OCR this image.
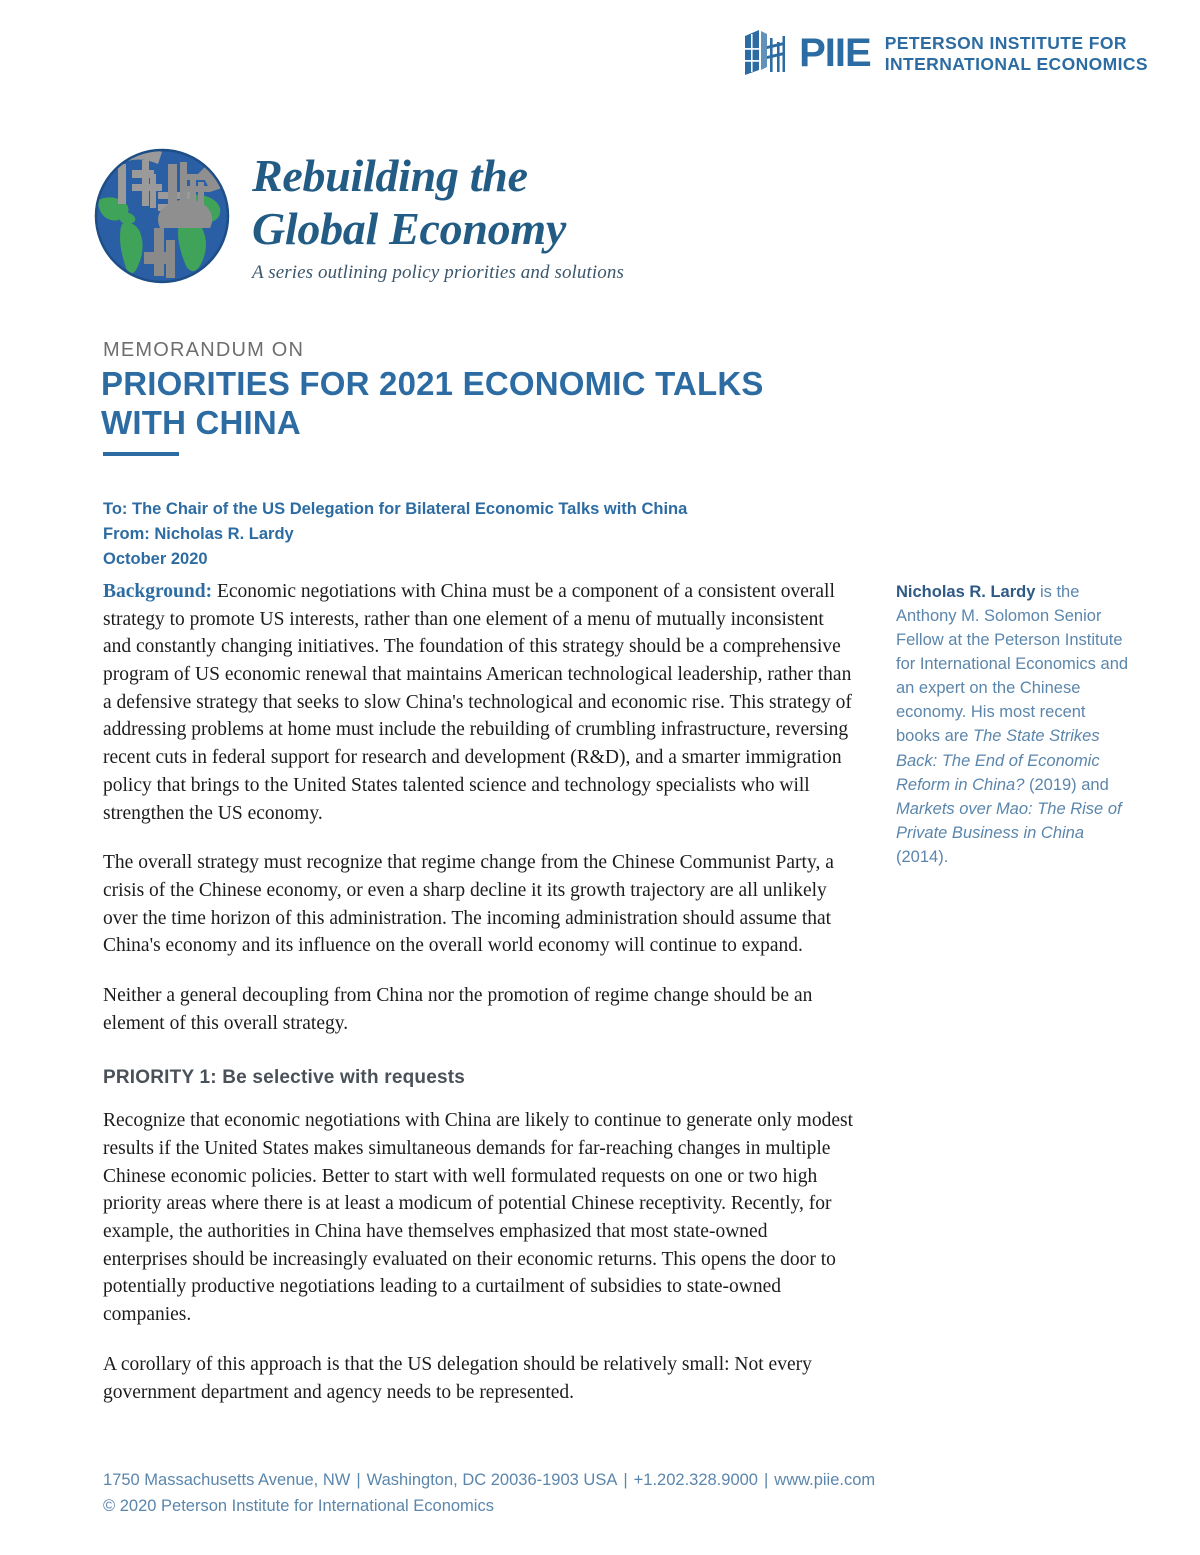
PIIE PETERSON INSTITUTE FOR
INTERNATIONAL ECONOMICS
Rebuilding the
Global Economy
A series outlining policy priorities and solutions
MEMORANDUM ON
PRIORITIES FOR 2021 ECONOMIC TALKS
WITH CHINA
To: The Chair of the US Delegation for Bilateral Economic Talks with China
From: Nicholas R. Lardy
October 2020

Background: Economic negotiations with China must be a component of a consistent overall strategy to promote US interests, rather than one element of a menu of mutually inconsistent and constantly changing initiatives. The foundation of this strategy should be a comprehensive program of US economic renewal that maintains American technological leadership, rather than a defensive strategy that seeks to slow China's technological and economic rise. This strategy of addressing problems at home must include the rebuilding of crumbling infrastructure, reversing recent cuts in federal support for research and development (R&D), and a smarter immigration policy that brings to the United States talented science and technology specialists who will strengthen the US economy.

The overall strategy must recognize that regime change from the Chinese Communist Party, a crisis of the Chinese economy, or even a sharp decline it its growth trajectory are all unlikely over the time horizon of this administration. The incoming administration should assume that China's economy and its influence on the overall world economy will continue to expand.

Neither a general decoupling from China nor the promotion of regime change should be an element of this overall strategy.

PRIORITY 1: Be selective with requests

Recognize that economic negotiations with China are likely to continue to generate only modest results if the United States makes simultaneous demands for far-reaching changes in multiple Chinese economic policies. Better to start with well formulated requests on one or two high priority areas where there is at least a modicum of potential Chinese receptivity. Recently, for example, the authorities in China have themselves emphasized that most state-owned enterprises should be increasingly evaluated on their economic returns. This opens the door to potentially productive negotiations leading to a curtailment of subsidies to state-owned companies.

A corollary of this approach is that the US delegation should be relatively small: Not every government department and agency needs to be represented.

Nicholas R. Lardy is the Anthony M. Solomon Senior Fellow at the Peterson Institute for International Economics and an expert on the Chinese economy. His most recent books are The State Strikes Back: The End of Economic Reform in China? (2019) and Markets over Mao: The Rise of Private Business in China (2014).
1750 Massachusetts Avenue, NW | Washington, DC 20036-1903 USA | +1.202.328.9000 | www.piie.com
© 2020 Peterson Institute for International Economics
